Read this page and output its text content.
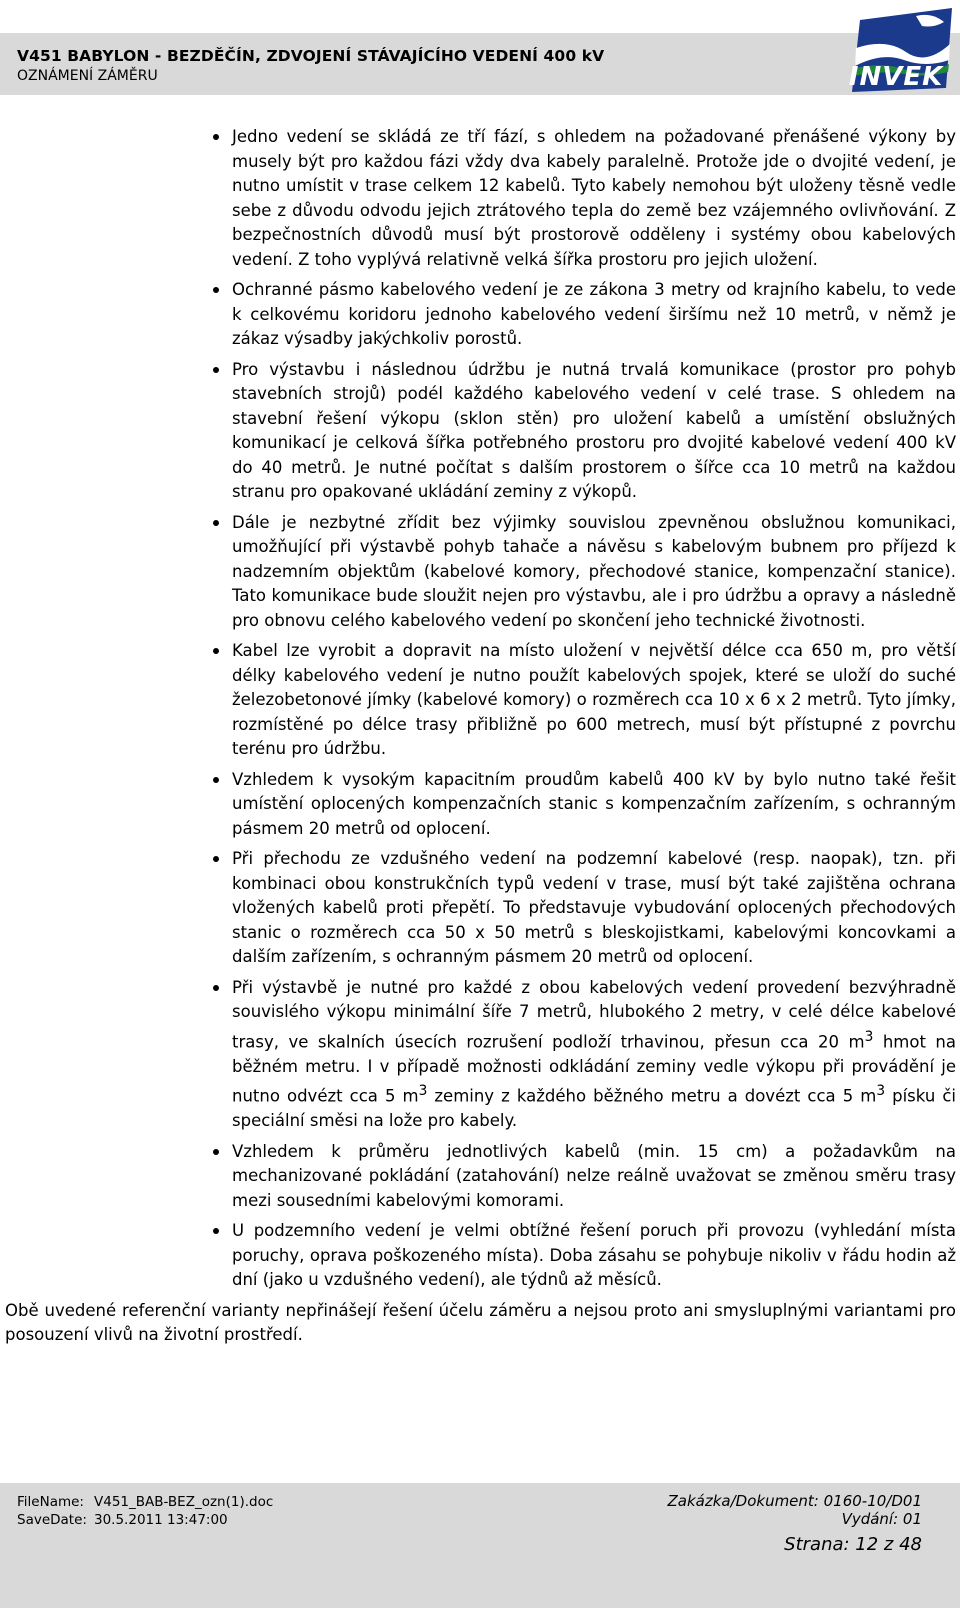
V451 BABYLON - BEZDĚČÍN, ZDVOJENÍ STÁVAJÍCÍHO VEDENÍ 400 kV
OZNÁMENÍ ZÁMĚRU	INVEK
Jedno vedení se skládá ze tří fází, s ohledem na požadované přenášené výkony by musely být pro každou fázi vždy dva kabely paralelně. Protože jde o dvojité vedení, je nutno umístit v trase celkem 12 kabelů. Tyto kabely nemohou být uloženy těsně vedle sebe z důvodu odvodu jejich ztrátového tepla do země bez vzájemného ovlivňování. Z bezpečnostních důvodů musí být prostorově odděleny i systémy obou kabelových vedení. Z toho vyplývá relativně velká šířka prostoru pro jejich uložení.
Ochranné pásmo kabelového vedení je ze zákona 3 metry od krajního kabelu, to vede k celkovému koridoru jednoho kabelového vedení širšímu než 10 metrů, v němž je zákaz výsadby jakýchkoliv porostů.
Pro výstavbu i následnou údržbu je nutná trvalá komunikace (prostor pro pohyb stavebních strojů) podél každého kabelového vedení v celé trase. S ohledem na stavební řešení výkopu (sklon stěn) pro uložení kabelů a umístění obslužných komunikací je celková šířka potřebného prostoru pro dvojité kabelové vedení 400 kV do 40 metrů. Je nutné počítat s dalším prostorem o šířce cca 10 metrů na každou stranu pro opakované ukládání zeminy z výkopů.
Dále je nezbytné zřídit bez výjimky souvislou zpevněnou obslužnou komunikaci, umožňující při výstavbě pohyb tahače a návěsu s kabelovým bubnem pro příjezd k nadzemním objektům (kabelové komory, přechodové stanice, kompenzační stanice). Tato komunikace bude sloužit nejen pro výstavbu, ale i pro údržbu a opravy a následně pro obnovu celého kabelového vedení po skončení jeho technické životnosti.
Kabel lze vyrobit a dopravit na místo uložení v největší délce cca 650 m, pro větší délky kabelového vedení je nutno použít kabelových spojek, které se uloží do suché železobetonové jímky (kabelové komory) o rozměrech cca 10 x 6 x 2 metrů. Tyto jímky, rozmístěné po délce trasy přibližně po 600 metrech, musí být přístupné z povrchu terénu pro údržbu.
Vzhledem k vysokým kapacitním proudům kabelů 400 kV by bylo nutno také řešit umístění oplocených kompenzačních stanic s kompenzačním zařízením, s ochranným pásmem 20 metrů od oplocení.
Při přechodu ze vzdušného vedení na podzemní kabelové (resp. naopak), tzn. při kombinaci obou konstrukčních typů vedení v trase, musí být také zajištěna ochrana vložených kabelů proti přepětí. To představuje vybudování oplocených přechodových stanic o rozměrech cca 50 x 50 metrů s bleskojistkami, kabelovými koncovkami a dalším zařízením, s ochranným pásmem 20 metrů od oplocení.
Při výstavbě je nutné pro každé z obou kabelových vedení provedení bezvýhradně souvislého výkopu minimální šíře 7 metrů, hlubokého 2 metry, v celé délce kabelové trasy, ve skalních úsecích rozrušení podloží trhavinou, přesun cca 20 $m^3$ hmot na běžném metru. I v případě možnosti odkládání zeminy vedle výkopu při provádění je nutno odvézt cca 5 $m^3$ zeminy z každého běžného metru a dovézt cca 5 $m^3$ písku či speciální směsi na lože pro kabely.
Vzhledem k průměru jednotlivých kabelů (min. 15 cm) a požadavkům na mechanizované pokládání (zatahování) nelze reálně uvažovat se změnou směru trasy mezi sousedními kabelovými komorami.
U podzemního vedení je velmi obtížné řešení poruch při provozu (vyhledání místa poruchy, oprava poškozeného místa). Doba zásahu se pohybuje nikoliv v řádu hodin až dní (jako u vzdušného vedení), ale týdnů až měsíců.
Obě uvedené referenční varianty nepřinášejí řešení účelu záměru a nejsou proto ani smysluplnými variantami pro posouzení vlivů na životní prostředí.
FileName: V451_BAB-BEZ_ozn(1).doc
SaveDate: 30.5.2011 13:47:00
Zakázka/Dokument: 0160-10/D01
Vydání: 01
Strana: 12 z 48
